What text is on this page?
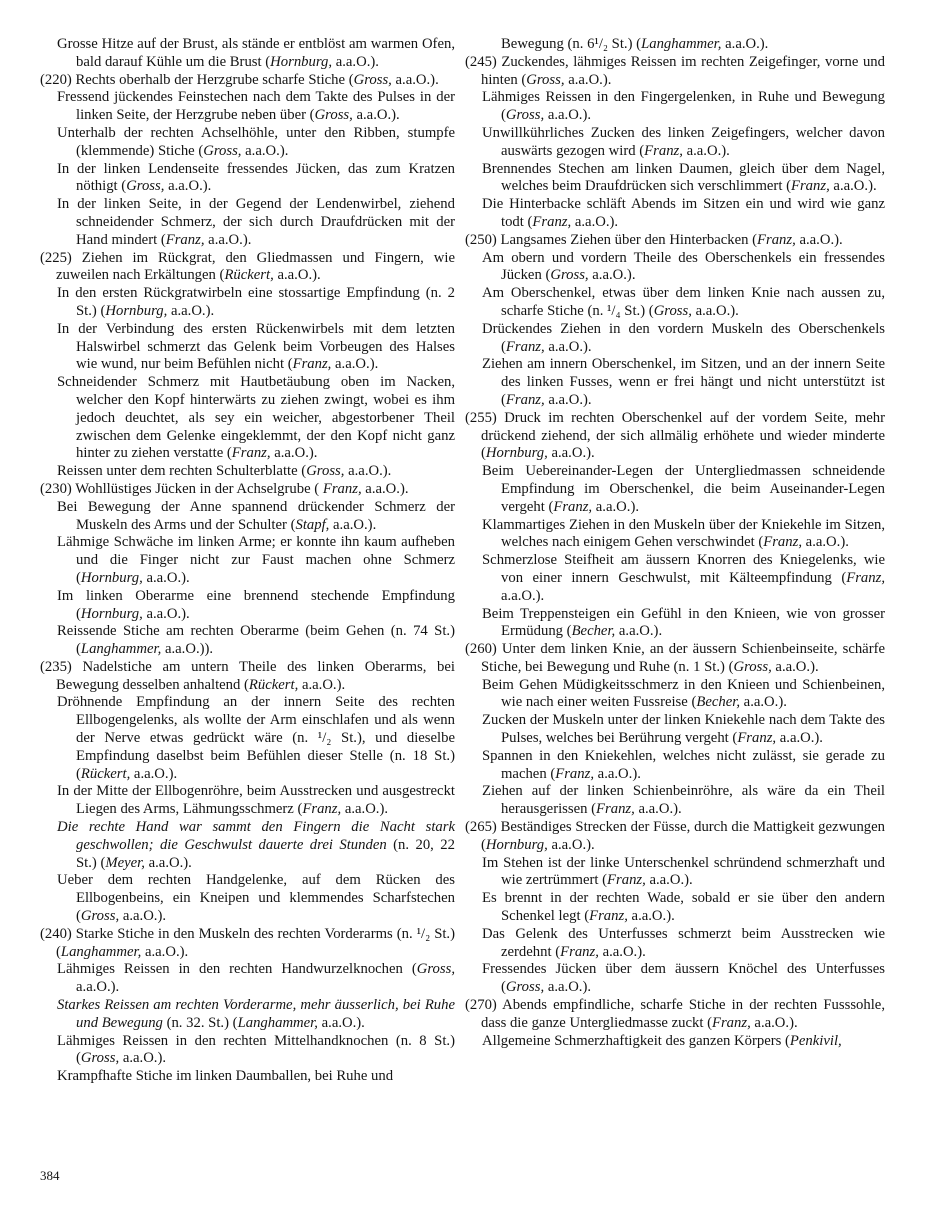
Grosse Hitze auf der Brust, als stände er entblöst am warmen Ofen, bald darauf Kühle um die Brust (Hornburg, a.a.O.).

(220) Rechts oberhalb der Herzgrube scharfe Stiche (Gross, a.a.O.).

Fressend jückendes Feinstechen nach dem Takte des Pulses in der linken Seite, der Herzgrube neben über (Gross, a.a.O.).

Unterhalb der rechten Achselhöhle, unter den Ribben, stumpfe (klemmende) Stiche (Gross, a.a.O.).

In der linken Lendenseite fressendes Jücken, das zum Kratzen nöthigt (Gross, a.a.O.).

In der linken Seite, in der Gegend der Lendenwirbel, ziehend schneidender Schmerz, der sich durch Draufdrücken mit der Hand mindert (Franz, a.a.O.).

(225) Ziehen im Rückgrat, den Gliedmassen und Fingern, wie zuweilen nach Erkältungen (Rückert, a.a.O.).

In den ersten Rückgratwirbeln eine stossartige Empfindung (n. 2 St.) (Hornburg, a.a.O.).

In der Verbindung des ersten Rückenwirbels mit dem letzten Halswirbel schmerzt das Gelenk beim Vorbeugen des Halses wie wund, nur beim Befühlen nicht (Franz, a.a.O.).

Schneidender Schmerz mit Hautbetäubung oben im Nacken, welcher den Kopf hinterwärts zu ziehen zwingt, wobei es ihm jedoch deuchtet, als sey ein weicher, abgestorbener Theil zwischen dem Gelenke eingeklemmt, der den Kopf nicht ganz hinter zu ziehen verstatte (Franz, a.a.O.).

Reissen unter dem rechten Schulterblatte (Gross, a.a.O.).

(230) Wohllüstiges Jücken in der Achselgrube ( Franz, a.a.O.).

Bei Bewegung der Anne spannend drückender Schmerz der Muskeln des Arms und der Schulter (Stapf, a.a.O.).

Lähmige Schwäche im linken Arme; er konnte ihn kaum aufheben und die Finger nicht zur Faust machen ohne Schmerz (Hornburg, a.a.O.).

Im linken Oberarme eine brennend stechende Empfindung (Hornburg, a.a.O.).

Reissende Stiche am rechten Oberarme (beim Gehen (n. 74 St.) (Langhammer, a.a.O.)).

(235) Nadelstiche am untern Theile des linken Oberarms, bei Bewegung desselben anhaltend (Rückert, a.a.O.).

Dröhnende Empfindung an der innern Seite des rechten Ellbogengelenks, als wollte der Arm einschlafen und als wenn der Nerve etwas gedrückt wäre (n. ¹/₂ St.), und dieselbe Empfindung daselbst beim Befühlen dieser Stelle (n. 18 St.) (Rückert, a.a.O.).

In der Mitte der Ellbogenröhre, beim Ausstrecken und ausgestreckt Liegen des Arms, Lähmungsschmerz (Franz, a.a.O.).

Die rechte Hand war sammt den Fingern die Nacht stark geschwollen; die Geschwulst dauerte drei Stunden (n. 20, 22 St.) (Meyer, a.a.O.).

Ueber dem rechten Handgelenke, auf dem Rücken des Ellbogenbeins, ein Kneipen und klemmendes Scharfstechen (Gross, a.a.O.).

(240) Starke Stiche in den Muskeln des rechten Vorderarms (n. ¹/₂ St.) (Langhammer, a.a.O.).

Lähmiges Reissen in den rechten Handwurzelknochen (Gross, a.a.O.).

Starkes Reissen am rechten Vorderarme, mehr äusserlich, bei Ruhe und Bewegung (n. 32. St.) (Langhammer, a.a.O.).

Lähmiges Reissen in den rechten Mittelhandknochen (n. 8 St.) (Gross, a.a.O.).

Krampfhafte Stiche im linken Daumballen, bei Ruhe und

Bewegung (n. 6¹/₂ St.) (Langhammer, a.a.O.).

(245) Zuckendes, lähmiges Reissen im rechten Zeigefinger, vorne und hinten (Gross, a.a.O.).

Lähmiges Reissen in den Fingergelenken, in Ruhe und Bewegung (Gross, a.a.O.).

Unwillkührliches Zucken des linken Zeigefingers, welcher davon auswärts gezogen wird (Franz, a.a.O.).

Brennendes Stechen am linken Daumen, gleich über dem Nagel, welches beim Draufdrücken sich verschlimmert (Franz, a.a.O.).

Die Hinterbacke schläft Abends im Sitzen ein und wird wie ganz todt (Franz, a.a.O.).

(250) Langsames Ziehen über den Hinterbacken (Franz, a.a.O.).

Am obern und vordern Theile des Oberschenkels ein fressendes Jücken (Gross, a.a.O.).

Am Oberschenkel, etwas über dem linken Knie nach aussen zu, scharfe Stiche (n. ¹/₄ St.) (Gross, a.a.O.).

Drückendes Ziehen in den vordern Muskeln des Oberschenkels (Franz, a.a.O.).

Ziehen am innern Oberschenkel, im Sitzen, und an der innern Seite des linken Fusses, wenn er frei hängt und nicht unterstützt ist (Franz, a.a.O.).

(255) Druck im rechten Oberschenkel auf der vordem Seite, mehr drückend ziehend, der sich allmälig erhöhete und wieder minderte (Hornburg, a.a.O.).

Beim Uebereinander-Legen der Untergliedmassen schneidende Empfindung im Oberschenkel, die beim Auseinander-Legen vergeht (Franz, a.a.O.).

Klammartiges Ziehen in den Muskeln über der Kniekehle im Sitzen, welches nach einigem Gehen verschwindet (Franz, a.a.O.).

Schmerzlose Steifheit am äussern Knorren des Kniegelenks, wie von einer innern Geschwulst, mit Kälteempfindung (Franz, a.a.O.).

Beim Treppensteigen ein Gefühl in den Knieen, wie von grosser Ermüdung (Becher, a.a.O.).

(260) Unter dem linken Knie, an der äussern Schienbeinseite, schärfe Stiche, bei Bewegung und Ruhe (n. 1 St.) (Gross, a.a.O.).

Beim Gehen Müdigkeitsschmerz in den Knieen und Schienbeinen, wie nach einer weiten Fussreise (Becher, a.a.O.).

Zucken der Muskeln unter der linken Kniekehle nach dem Takte des Pulses, welches bei Berührung vergeht (Franz, a.a.O.).

Spannen in den Kniekehlen, welches nicht zulässt, sie gerade zu machen (Franz, a.a.O.).

Ziehen auf der linken Schienbeinröhre, als wäre da ein Theil herausgerissen (Franz, a.a.O.).

(265) Beständiges Strecken der Füsse, durch die Mattigkeit gezwungen (Hornburg, a.a.O.).

Im Stehen ist der linke Unterschenkel schründend schmerzhaft und wie zertrümmert (Franz, a.a.O.).

Es brennt in der rechten Wade, sobald er sie über den andern Schenkel legt (Franz, a.a.O.).

Das Gelenk des Unterfusses schmerzt beim Ausstrecken wie zerdehnt (Franz, a.a.O.).

Fressendes Jücken über dem äussern Knöchel des Unterfusses (Gross, a.a.O.).

(270) Abends empfindliche, scharfe Stiche in der rechten Fusssohle, dass die ganze Untergliedmasse zuckt (Franz, a.a.O.).

Allgemeine Schmerzhaftigkeit des ganzen Körpers (Penkivil,

384
